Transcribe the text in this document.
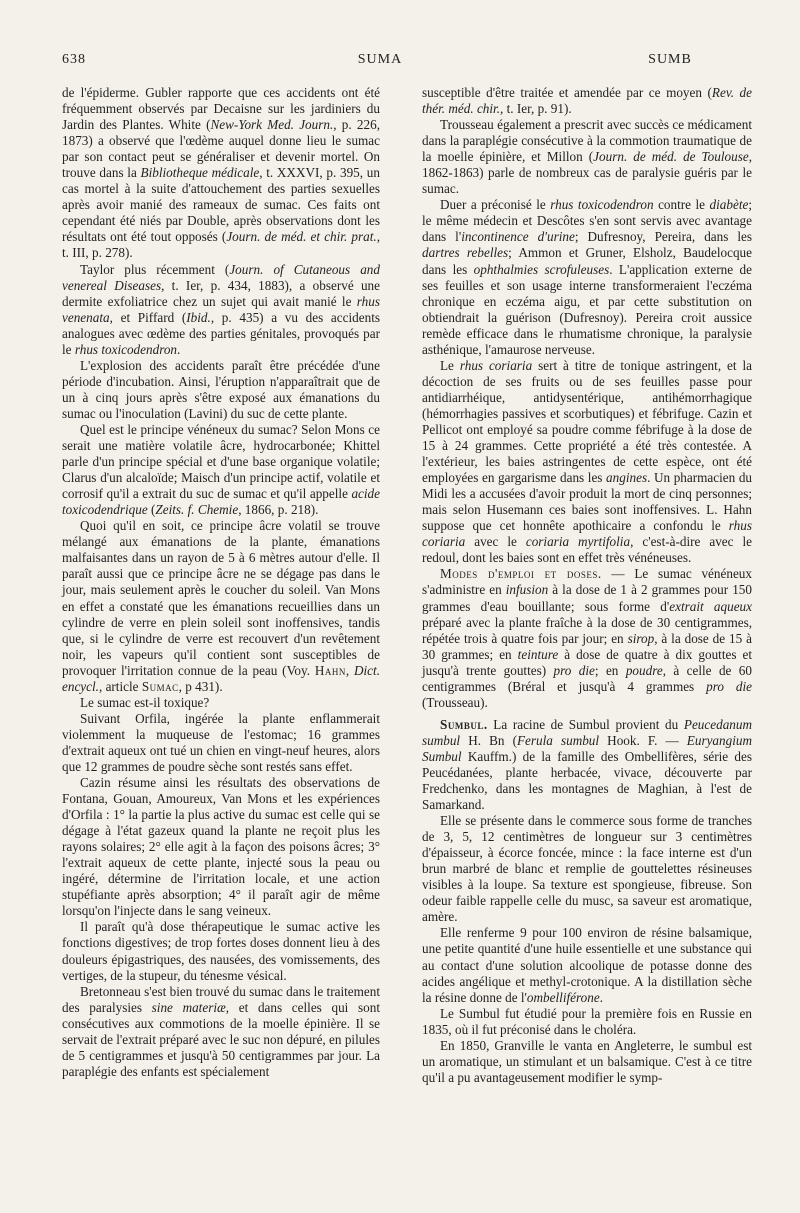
638	SUMA	SUMB

de l'épiderme. Gubler rapporte que ces accidents ont été fréquemment observés par Decaisne sur les jardiniers du Jardin des Plantes. White (New-York Med. Journ., p. 226, 1873) a observé que l'œdème auquel donne lieu le sumac par son contact peut se généraliser et devenir mortel. On trouve dans la Bibliotheque médicale, t. XXXVI, p. 395, un cas mortel à la suite d'attouchement des parties sexuelles après avoir manié des rameaux de sumac. Ces faits ont cependant été niés par Double, après observations dont les résultats ont été tout opposés (Journ. de méd. et chir. prat., t. III, p. 278).

Taylor plus récemment (Journ. of Cutaneous and venereal Diseases, t. Ier, p. 434, 1883), a observé une dermite exfoliatrice chez un sujet qui avait manié le rhus venenata, et Piffard (Ibid., p. 435) a vu des accidents analogues avec œdème des parties génitales, provoqués par le rhus toxicodendron.

L'explosion des accidents paraît être précédée d'une période d'incubation. Ainsi, l'éruption n'apparaîtrait que de un à cinq jours après s'être exposé aux émanations du sumac ou l'inoculation (Lavini) du suc de cette plante.

Quel est le principe vénéneux du sumac? Selon Mons ce serait une matière volatile âcre, hydrocarbonée; Khittel parle d'un principe spécial et d'une base organique volatile; Clarus d'un alcaloïde; Maisch d'un principe actif, volatile et corrosif qu'il a extrait du suc de sumac et qu'il appelle acide toxicodendrique (Zeits. f. Chemie, 1866, p. 218).

Quoi qu'il en soit, ce principe âcre volatil se trouve mélangé aux émanations de la plante, émanations malfaisantes dans un rayon de 5 à 6 mètres autour d'elle. Il paraît aussi que ce principe âcre ne se dégage pas dans le jour, mais seulement après le coucher du soleil. Van Mons en effet a constaté que les émanations recueillies dans un cylindre de verre en plein soleil sont inoffensives, tandis que, si le cylindre de verre est recouvert d'un revêtement noir, les vapeurs qu'il contient sont susceptibles de provoquer l'irritation connue de la peau (Voy. Hahn, Dict. encycl., article Sumac, p 431).

Le sumac est-il toxique?

Suivant Orfila, ingérée la plante enflammerait violemment la muqueuse de l'estomac; 16 grammes d'extrait aqueux ont tué un chien en vingt-neuf heures, alors que 12 grammes de poudre sèche sont restés sans effet.

Cazin résume ainsi les résultats des observations de Fontana, Gouan, Amoureux, Van Mons et les expériences d'Orfila : 1° la partie la plus active du sumac est celle qui se dégage à l'état gazeux quand la plante ne reçoit plus les rayons solaires; 2° elle agit à la façon des poisons âcres; 3° l'extrait aqueux de cette plante, injecté sous la peau ou ingéré, détermine de l'irritation locale, et une action stupéfiante après absorption; 4° il paraît agir de même lorsqu'on l'injecte dans le sang veineux.

Il paraît qu'à dose thérapeutique le sumac active les fonctions digestives; de trop fortes doses donnent lieu à des douleurs épigastriques, des nausées, des vomissements, des vertiges, de la stupeur, du ténesme vésical.

Bretonneau s'est bien trouvé du sumac dans le traitement des paralysies sine materiæ, et dans celles qui sont consécutives aux commotions de la moelle épinière. Il se servait de l'extrait préparé avec le suc non dépuré, en pilules de 5 centigrammes et jusqu'à 50 centigrammes par jour. La paraplégie des enfants est spécialement

susceptible d'être traitée et amendée par ce moyen (Rev. de thér. méd. chir., t. Ier, p. 91).

Trousseau également a prescrit avec succès ce médicament dans la paraplégie consécutive à la commotion traumatique de la moelle épinière, et Millon (Journ. de méd. de Toulouse, 1862-1863) parle de nombreux cas de paralysie guéris par le sumac.

Duer a préconisé le rhus toxicodendron contre le diabète; le même médecin et Descôtes s'en sont servis avec avantage dans l'incontinence d'urine; Dufresnoy, Pereira, dans les dartres rebelles; Ammon et Gruner, Elsholz, Baudelocque dans les ophthalmies scrofuleuses. L'application externe de ses feuilles et son usage interne transformeraient l'eczéma chronique en eczéma aigu, et par cette substitution on obtiendrait la guérison (Dufresnoy). Pereira croit aussice remède efficace dans le rhumatisme chronique, la paralysie asthénique, l'amaurose nerveuse.

Le rhus coriaria sert à titre de tonique astringent, et la décoction de ses fruits ou de ses feuilles passe pour antidiarrhéique, antidysentérique, antihémorrhagique (hémorrhagies passives et scorbutiques) et fébrifuge. Cazin et Pellicot ont employé sa poudre comme fébrifuge à la dose de 15 à 24 grammes. Cette propriété a été très contestée. A l'extérieur, les baies astringentes de cette espèce, ont été employées en gargarisme dans les angines. Un pharmacien du Midi les a accusées d'avoir produit la mort de cinq personnes; mais selon Husemann ces baies sont inoffensives. L. Hahn suppose que cet honnête apothicaire a confondu le rhus coriaria avec le coriaria myrtifolia, c'est-à-dire avec le redoul, dont les baies sont en effet très vénéneuses.

Modes d'emploi et doses. — Le sumac vénéneux s'administre en infusion à la dose de 1 à 2 grammes pour 150 grammes d'eau bouillante; sous forme d'extrait aqueux préparé avec la plante fraîche à la dose de 30 centigrammes, répétée trois à quatre fois par jour; en sirop, à la dose de 15 à 30 grammes; en teinture à dose de quatre à dix gouttes et jusqu'à trente gouttes) pro die; en poudre, à celle de 60 centigrammes (Bréral et jusqu'à 4 grammes pro die (Trousseau).

Sumbul. La racine de Sumbul provient du Peucedanum sumbul H. Bn (Ferula sumbul Hook. F. — Euryangium Sumbul Kauffm.) de la famille des Ombellifères, série des Peucédanées, plante herbacée, vivace, découverte par Fredchenko, dans les montagnes de Maghian, à l'est de Samarkand.

Elle se présente dans le commerce sous forme de tranches de 3, 5, 12 centimètres de longueur sur 3 centimètres d'épaisseur, à écorce foncée, mince : la face interne est d'un brun marbré de blanc et remplie de gouttelettes résineuses visibles à la loupe. Sa texture est spongieuse, fibreuse. Son odeur faible rappelle celle du musc, sa saveur est aromatique, amère.

Elle renferme 9 pour 100 environ de résine balsamique, une petite quantité d'une huile essentielle et une substance qui au contact d'une solution alcoolique de potasse donne des acides angélique et methyl-crotonique. A la distillation sèche la résine donne de l'ombelliférone.

Le Sumbul fut étudié pour la première fois en Russie en 1835, où il fut préconisé dans le choléra.

En 1850, Granville le vanta en Angleterre, le sumbul est un aromatique, un stimulant et un balsamique. C'est à ce titre qu'il a pu avantageusement modifier le symp-
